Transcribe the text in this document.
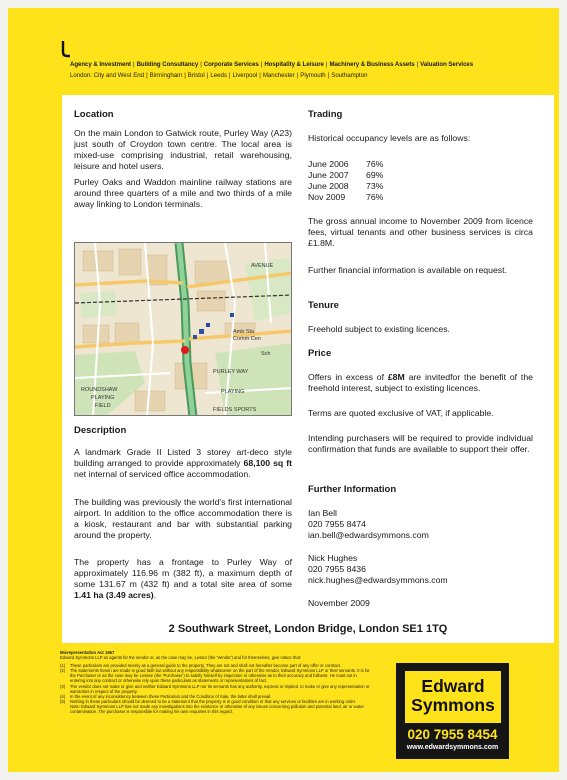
Agency & Investment | Building Consultancy | Corporate Services | Hospitality & Leisure | Machinery & Business Assets | Valuation Services
London: City and West End | Birmingham | Bristol | Leeds | Liverpool | Manchester | Plymouth | Southampton
Location
On the main London to Gatwick route, Purley Way (A23) just south of Croydon town centre. The local area is mixed-use comprising industrial, retail warehousing, leisure and hotel users.
Purley Oaks and Waddon mainline railway stations are around three quarters of a mile and two thirds of a mile away linking to London terminals.
Description
A landmark Grade II Listed 3 storey art-deco style building arranged to provide approximately 68,100 sq ft net internal of serviced office accommodation.
The building was previously the world's first international airport. In addition to the office accommodation there is a kiosk, restaurant and bar with substantial parking around the property.
The property has a frontage to Purley Way of approximately 116.96 m (382 ft), a maximum depth of some 131.67 m (432 ft) and a total site area of some 1.41 ha (3.49 acres).
ROUNDSHAW
PLAYING
FIELD
PURLEY WAY
PLAYING
FIELDS SPORTS
AVENUE
Amb Sta
Comm Cen
Sch
Trading
Historical occupancy levels are as follows:
June 2006 76%
June 2007 69%
June 2008 73%
Nov 2009 76%
The gross annual income to November 2009 from licence fees, virtual tenants and other business services is circa £1.8M.
Further financial information is available on request.
Tenure
Freehold subject to existing licences.
Price
Offers in excess of £8M are invitedfor the benefit of the freehold interest, subject to existing licences.
Terms are quoted exclusive of VAT, if applicable.
Intending purchasers will be required to provide individual confirmation that funds are available to support their offer.
Further Information
Ian Bell
020 7955 8474
ian.bell@edwardsymmons.com
Nick Hughes
020 7955 8436
nick.hughes@edwardsymmons.com
November 2009
2 Southwark Street, London Bridge, London SE1 1TQ
Misrepresentation Act 1967
Edward Symmons LLP as agents for the vendor or, as the case may be, Lessor (the 'Vendor') and for themselves, give notice that:
(1)	These particulars are provided merely as a general guide to the property. They are not and shall not hereafter become part of any offer or contract.
(2)	The statements herein are made in good faith but without any responsibility whatsoever on the part of the Vendor, Edward Symmons LLP or their servants. It is for the Purchaser or as the case may be Lessee (the 'Purchaser') to satisfy himself by inspection or otherwise as to their accuracy and fullness. He must not in entering into any contract or otherwise rely upon these particulars as statements or representations of fact.
(3)	The vendor does not make or give and neither Edward Symmons LLP nor its servants has any authority, express or implied, to make or give any representation or warranties in respect of the property.
(4)	In the event of any inconsistency between these Particulars and the Condition of Sale, the latter shall prevail.
(5)	Nothing in these particulars should be deemed to be a statement that the property is in good condition or that any services or facilities are in working order.
Note: Edward Symmons LLP has not made any investigations into the existence or otherwise of any issues concerning pollution and potential land, air or water contamination. The purchaser is responsible for making his own enquiries in this regard.
Edward
Symmons
020 7955 8454
www.edwardsymmons.com
